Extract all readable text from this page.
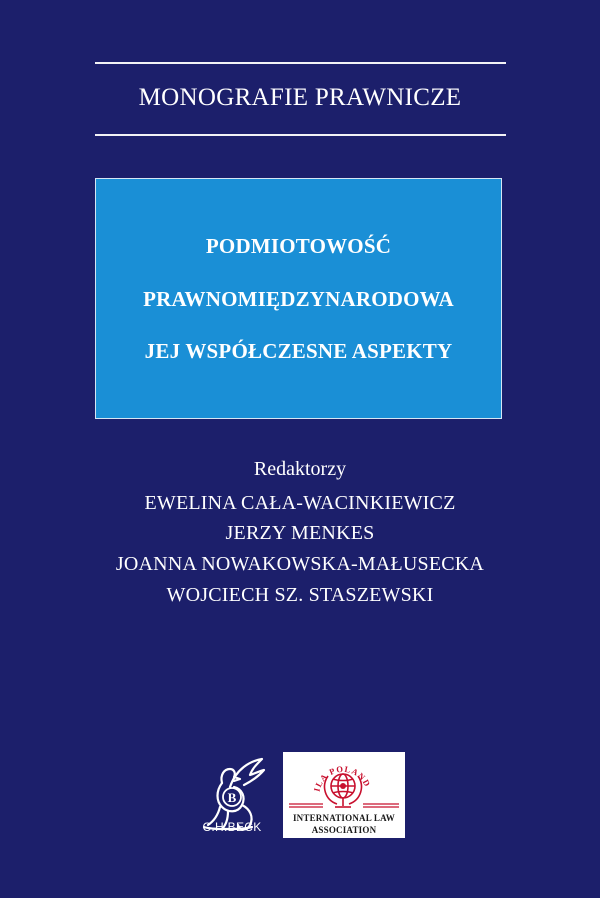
MONOGRAFIE PRAWNICZE
PODMIOTOWOŚĆ
PRAWNOMIĘDZYNARODOWA
JEJ WSPÓŁCZESNE ASPEKTY
Redaktorzy
EWELINA CAŁA-WACINKIEWICZ
JERZY MENKES
JOANNA NOWAKOWSKA-MAŁUSECKA
WOJCIECH SZ. STASZEWSKI
B
C.H.BECK
ILA POLAND
INTERNATIONAL LAW
ASSOCIATION
